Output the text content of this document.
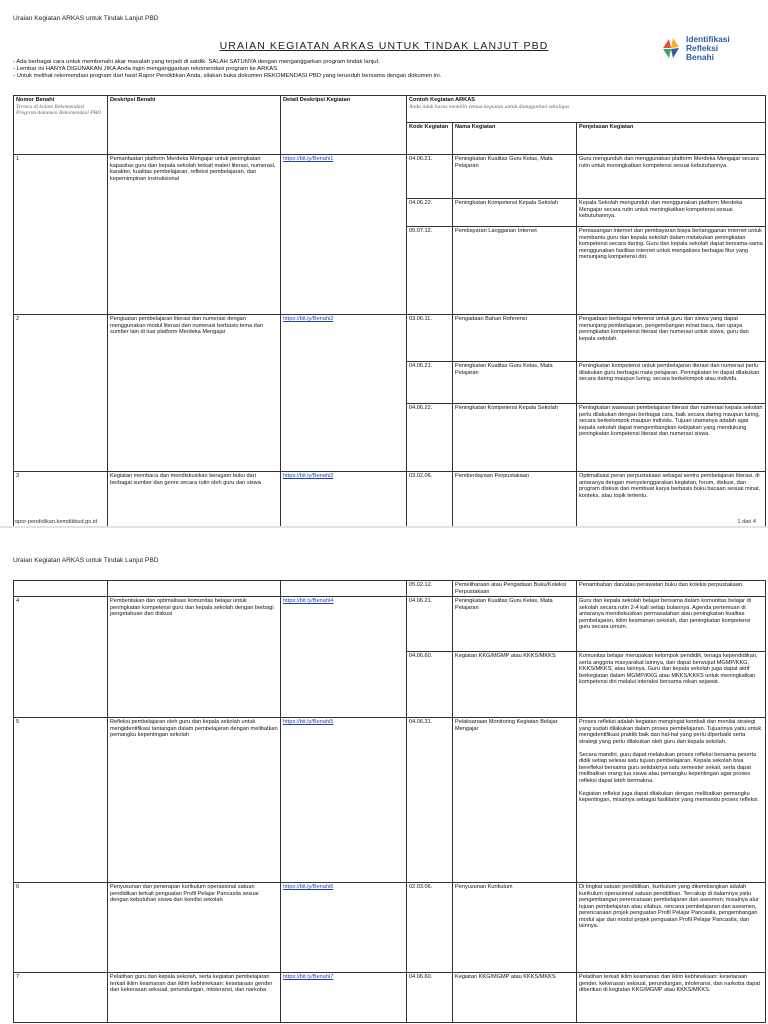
Uraian Kegiatan ARKAS untuk Tindak Lanjut PBD
URAIAN KEGIATAN ARKAS UNTUK TINDAK LANJUT PBD
Identifikasi
Refleksi
Benahi
- Ada berbagai cara untuk membenahi akar masalah yang terjadi di satdik. SALAH SATUNYA dengan menganggarkan program tindak lanjut.
- Lembar ini HANYA DIGUNAKAN JIKA Anda ingin menganggarkan rekomendasi program ke ARKAS.
- Untuk melihat rekomendasi program dari hasil Rapor Pendidikan Anda, silakan buka dokumen REKOMENDASI PBD yang terunduh bersama dengan dokumen ini.
Nomor Benahi
Tertera di kolom Rekomendasi Program dokumen Rekomendasi PBD	Deskripsi Benahi	Detail Deskripsi Kegiatan	Contoh Kegiatan ARKAS
Anda tidak harus memilih semua kegiatan untuk dianggarkan sekaligus		

			Kode Kegiatan	Nama Kegiatan	Penjelasan Kegiatan
1	Pemanfaatan platform Merdeka Mengajar untuk peningkatan kapasitas guru dan kepala sekolah terkait materi literasi, numerasi, karakter, kualitas pembelajaran, refleksi pembelajaran, dan kepemimpinan instruksional	https://bit.ly/Benahi1	04.06.21.	Peningkatan Kualitas Guru Kelas, Mata Pelajaran	Guru mengunduh dan menggunakan platform Merdeka Mengajar secara rutin untuk meningkatkan kompetensi sesuai kebutuhannya.
			04.06.22.	Peningkatan Kompetensi Kepala Sekolah	Kepala Sekolah mengunduh dan menggunakan platform Merdeka Mengajar secara rutin untuk meningkatkan kompetensi sesuai kebutuhannya.
			05.07.12.	Pembayaran Langganan Internet	Pemasangan internet dan pembayaran biaya berlangganan internet untuk membantu guru dan kepala sekolah dalam melakukan peningkatan kompetensi secara daring. Guru dan kepala sekolah dapat bersama-sama menggunakan fasilitas internet untuk mengakses berbagai fitur yang menunjang kompetensi diri.
2	Penguatan pembelajaran literasi dan numerasi dengan menggunakan modul literasi dan numerasi berbasis tema dan sumber lain di luar platform Merdeka Mengajar	https://bit.ly/Benahi2	03.06.11.	Pengadaan Bahan Referensi	Pengadaan berbagai referensi untuk guru dan siswa yang dapat menunjang pembelajaran, pengembangan minat baca, dan upaya peningkatan kompetensi literasi dan numerasi untuk siswa, guru dan kepala sekolah.
			04.06.21.	Peningkatan Kualitas Guru Kelas, Mata Pelajaran	Peningkatan kompetensi untuk pembelajaran literasi dan numerasi perlu dilakukan guru berbagai mata pelajaran. Peningkatan ini dapat dilakukan secara daring maupun luring, secara berkelompok atau individu.
			04.06.22.	Peningkatan Kompetensi Kepala Sekolah	Peningkatan wawasan pembelajaran literasi dan numerasi kepala sekolah perlu dilakukan dengan berbagai cara, baik secara daring maupun luring, secara berkelompok maupun individu. Tujuan utamanya adalah agar kepala sekolah dapat mengembangkan kebijakan yang mendukung peningkatan kompetensi literasi dan numerasi siswa.
3	Kegiatan membaca dan mendiskusikan beragam buku dari berbagai sumber dan genre secara rutin oleh guru dan siswa	https://bit.ly/Benahi3	03.02.06.	Pemberdayaan Perpustakaan	Optimalisasi peran perpustakaan sebagai sentra pembelajaran literasi, di antaranya dengan menyelenggarakan kegiatan, forum, diskusi, dan program diskusi dan membuat karya berbasis buku bacaan sesuai minat, konteks, atau topik tertentu.
rapor-pendidikan.kemdikbud.go.id	1 dari 4
Uraian Kegiatan ARKAS untuk Tindak Lanjut PBD
			05.02.12.	Pemeliharaan atau Pengadaan Buku/Koleksi Perpustakaan	Penambahan dan/atau perawatan buku dan koleksi perpustakaan.
4	Pembentukan dan optimalisasi komunitas belajar untuk peningkatan kompetensi guru dan kepala sekolah dengan berbagi pengetahuan dan diskusi	https://bit.ly/Benahi4	04.06.21.	Peningkatan Kualitas Guru Kelas, Mata Pelajaran	Guru dan kepala sekolah belajar bersama dalam komunitas belajar di sekolah secara rutin 2-4 kali setiap bulannya. Agenda pertemuan di antaranya mendiskusikan permasalahan atau peningkatan kualitas pembelajaran, iklim keamanan sekolah, dan peningkatan kompetensi guru secara umum.
			04.06.60.	Kegiatan KKG/MGMP atau KKKS/MKKS	Komunitas belajar merupakan kelompok pendidik, tenaga kependidikan, serta anggota masyarakat lainnya, dan dapat berwujud MGMP/KKG, KKKS/MKKS, atau lainnya. Guru dan kepala sekolah juga dapat aktif berkegiatan dalam MGMP/KKG atau MKKS/KKKS untuk meningkatkan kompetensi diri melalui interaksi bersama rekan sejawat.
5	Refleksi pembelajaran oleh guru dan kepala sekolah untuk mengidentifikasi tantangan dalam pembelajaran dengan melibatkan pemangku kepentingan sekolah	https://bit.ly/Benahi5	04.06.31.	Pelaksanaan Monitoring Kegiatan Belajar Mengajar	Proses refleksi adalah kegiatan mengingat kembali dan menilai strategi yang sudah dilakukan dalam proses pembelajaran. Tujuannya yaitu untuk mengidentifikasi praktik baik dan hal-hal yang perlu diperbaiki serta strategi yang perlu dilakukan oleh guru dan kepala sekolah.

Secara mandiri, guru dapat melakukan proses refleksi bersama peserta didik setiap selesai satu tujuan pembelajaran. Kepala sekolah bisa berefleksi bersama guru setidaknya satu semester sekali, serta dapat melibatkan orang tua siswa atau pemangku kepentingan agar proses refleksi dapat lebih bermakna.

Kegiatan refleksi juga dapat dilakukan dengan melibatkan pemangku kepentingan, misalnya sebagai fasilitator yang memandu proses refleksi.
6	Penyusunan dan penerapan kurikulum operasional satuan pendidikan terkait penguatan Profil Pelajar Pancasila sesuai dengan kebutuhan siswa dan kondisi sekolah	https://bit.ly/Benahi6	02.03.06.	Penyusunan Kurikulum	Di tingkat satuan pendidikan, kurikulum yang dikembangkan adalah kurikulum operasional satuan pendidikan. Tercakup di dalamnya yaitu pengembangan perencanaan pembelajaran dan asesmen; misalnya alur tujuan pembelajaran atau silabus, rencana pembelajaran dan asesmen, perencanaan projek penguatan Profil Pelajar Pancasila, pengembangan modul ajar dan modul projek penguatan Profil Pelajar Pancasila, dan lainnya.
7	Pelatihan guru dan kepala sekolah, serta kegiatan pembelajaran terkait iklim keamanan dan iklim kebhinekaan: kesetaraan gender dan kekerasan seksual, perundungan, intoleransi, dan narkoba	https://bit.ly/Benahi7	04.06.60.	Kegiatan KKG/MGMP atau KKKS/MKKS	Pelatihan terkait iklim keamanan dan iklim kebhinekaan: kesetaraan gender, kekerasan seksual, perundungan, intoleransi, dan narkoba dapat diberikan di kegiatan KKG/MGMP atau KKKS/MKKS.
